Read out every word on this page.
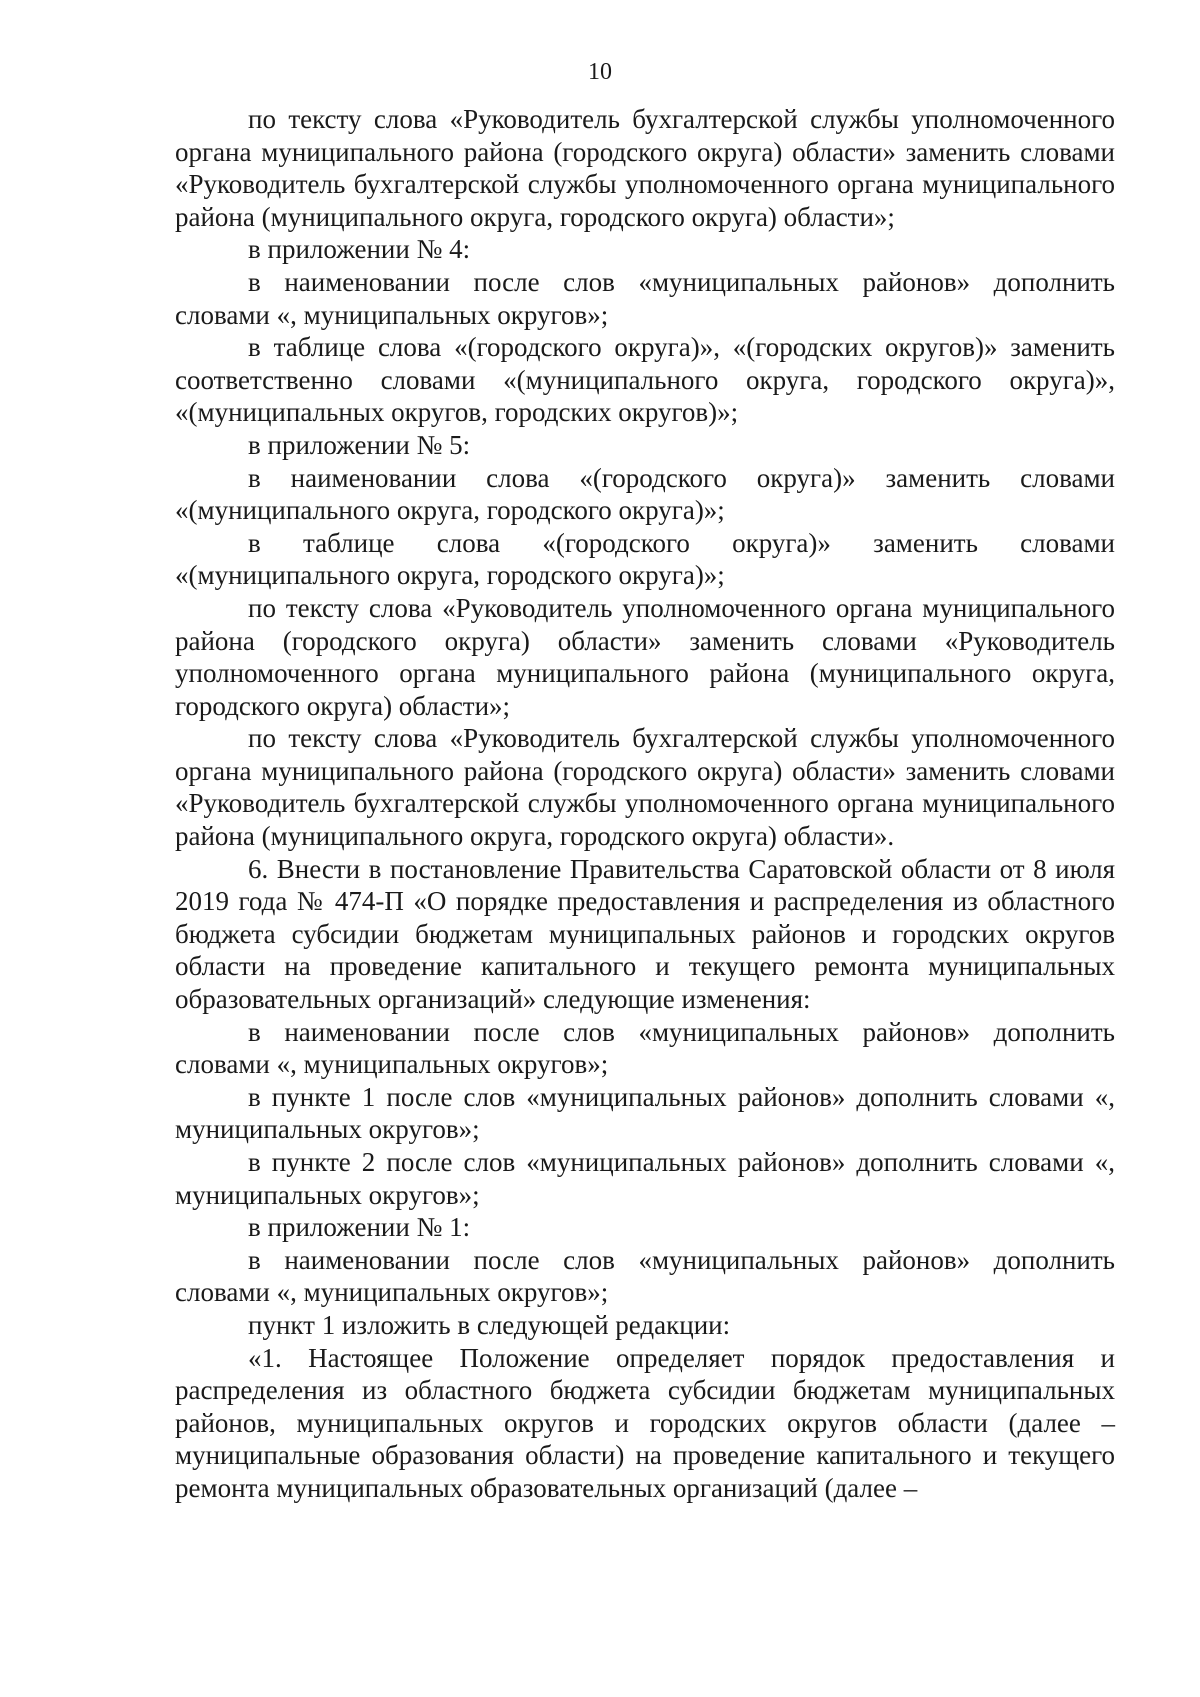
10

по тексту слова «Руководитель бухгалтерской службы уполномоченного органа муниципального района (городского округа) области» заменить словами «Руководитель бухгалтерской службы уполномоченного органа муниципального района (муниципального округа, городского округа) области»;

в приложении № 4:

в наименовании после слов «муниципальных районов» дополнить словами «, муниципальных округов»;

в таблице слова «(городского округа)», «(городских округов)» заменить соответственно словами «(муниципального округа, городского округа)», «(муниципальных округов, городских округов)»;

в приложении № 5:

в наименовании слова «(городского округа)» заменить словами «(муниципального округа, городского округа)»;

в таблице слова «(городского округа)» заменить словами «(муниципального округа, городского округа)»;

по тексту слова «Руководитель уполномоченного органа муниципального района (городского округа) области» заменить словами «Руководитель уполномоченного органа муниципального района (муниципального округа, городского округа) области»;

по тексту слова «Руководитель бухгалтерской службы уполномоченного органа муниципального района (городского округа) области» заменить словами «Руководитель бухгалтерской службы уполномоченного органа муниципального района (муниципального округа, городского округа) области».

6. Внести в постановление Правительства Саратовской области от 8 июля 2019 года № 474-П «О порядке предоставления и распределения из областного бюджета субсидии бюджетам муниципальных районов и городских округов области на проведение капитального и текущего ремонта муниципальных образовательных организаций» следующие изменения:

в наименовании после слов «муниципальных районов» дополнить словами «, муниципальных округов»;

в пункте 1 после слов «муниципальных районов» дополнить словами «, муниципальных округов»;

в пункте 2 после слов «муниципальных районов» дополнить словами «, муниципальных округов»;

в приложении № 1:

в наименовании после слов «муниципальных районов» дополнить словами «, муниципальных округов»;

пункт 1 изложить в следующей редакции:

«1. Настоящее Положение определяет порядок предоставления и распределения из областного бюджета субсидии бюджетам муниципальных районов, муниципальных округов и городских округов области (далее – муниципальные образования области) на проведение капитального и текущего ремонта муниципальных образовательных организаций (далее –
